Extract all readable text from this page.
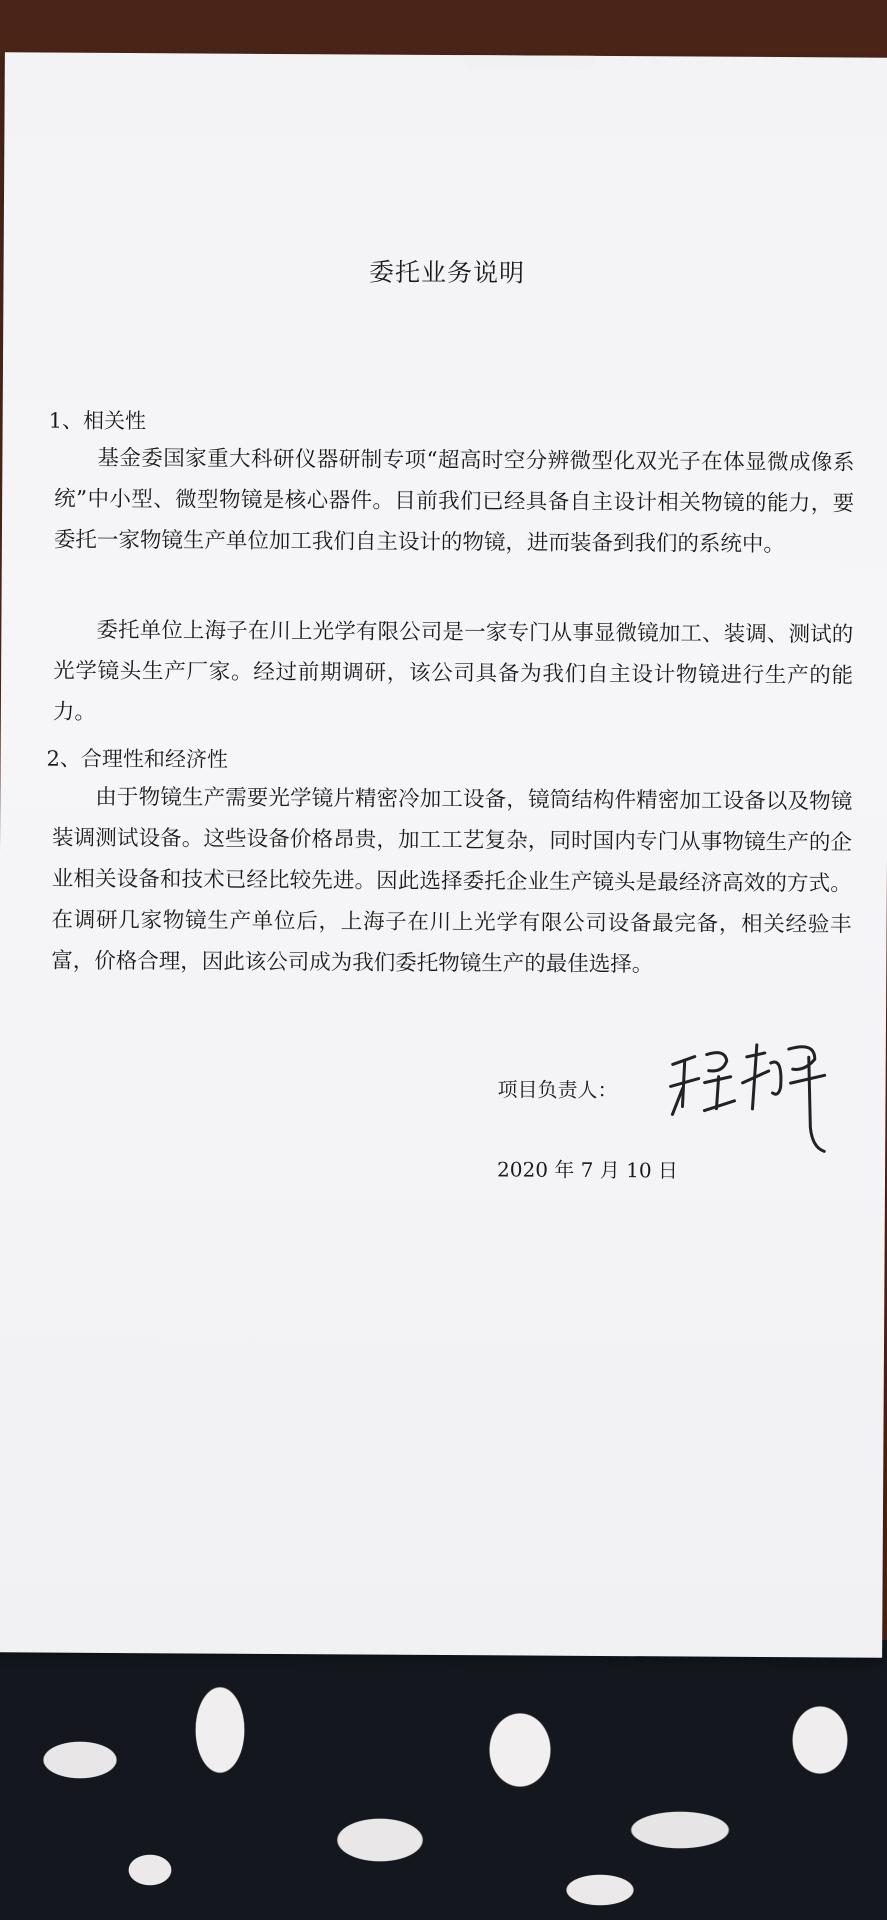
委托业务说明

1、相关性

基金委国家重大科研仪器研制专项“超高时空分辨微型化双光子在体显微成像系统”中小型、微型物镜是核心器件。目前我们已经具备自主设计相关物镜的能力，要委托一家物镜生产单位加工我们自主设计的物镜，进而装备到我们的系统中。

委托单位上海子在川上光学有限公司是一家专门从事显微镜加工、装调、测试的光学镜头生产厂家。经过前期调研，该公司具备为我们自主设计物镜进行生产的能力。

2、合理性和经济性

由于物镜生产需要光学镜片精密冷加工设备，镜筒结构件精密加工设备以及物镜装调测试设备。这些设备价格昂贵，加工工艺复杂，同时国内专门从事物镜生产的企业相关设备和技术已经比较先进。因此选择委托企业生产镜头是最经济高效的方式。在调研几家物镜生产单位后，上海子在川上光学有限公司设备最完备，相关经验丰富，价格合理，因此该公司成为我们委托物镜生产的最佳选择。

项目负责人：

程和平

2020 年 7 月 10 日
